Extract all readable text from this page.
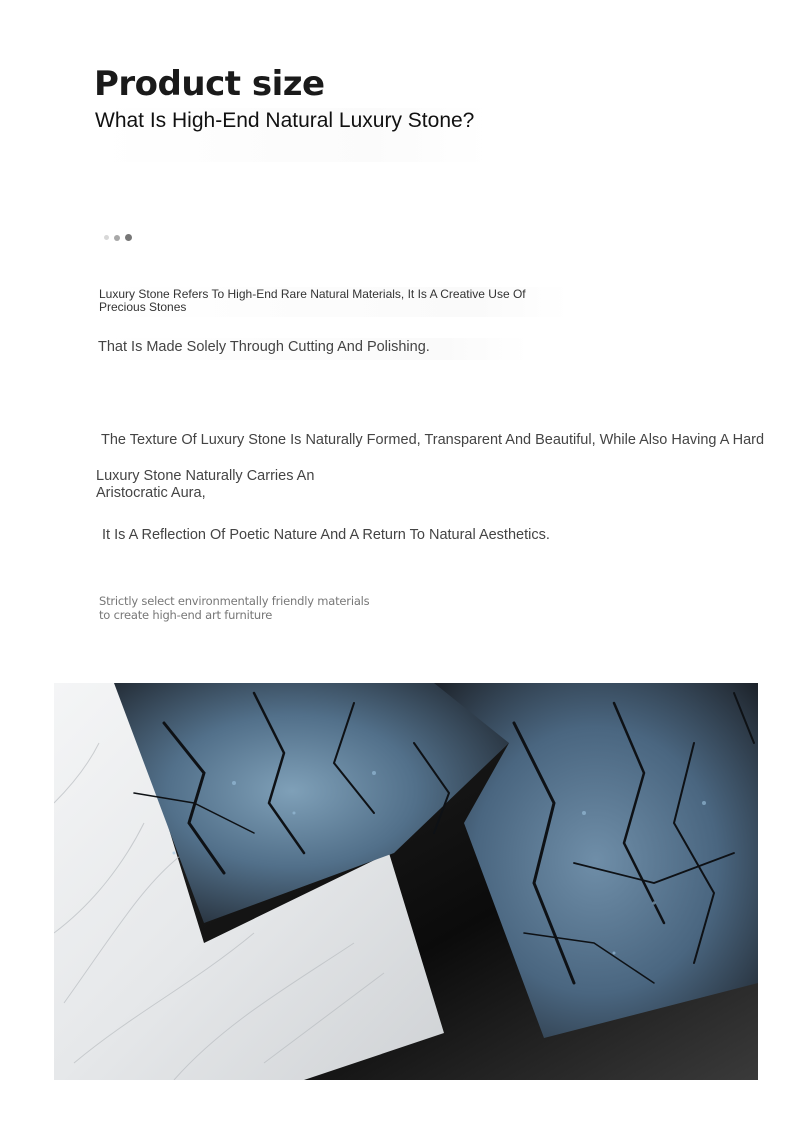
Product size
What Is High-End Natural Luxury Stone?
Luxury Stone Refers To High-End Rare Natural Materials, It Is A Creative Use Of Precious Stones
That Is Made Solely Through Cutting And Polishing.
The Texture Of Luxury Stone Is Naturally Formed, Transparent And Beautiful, While Also Having A Hard
Luxury Stone Naturally Carries An Aristocratic Aura,
It Is A Reflection Of Poetic Nature And A Return To Natural Aesthetics.
Strictly select environmentally friendly materials
to create high-end art furniture
